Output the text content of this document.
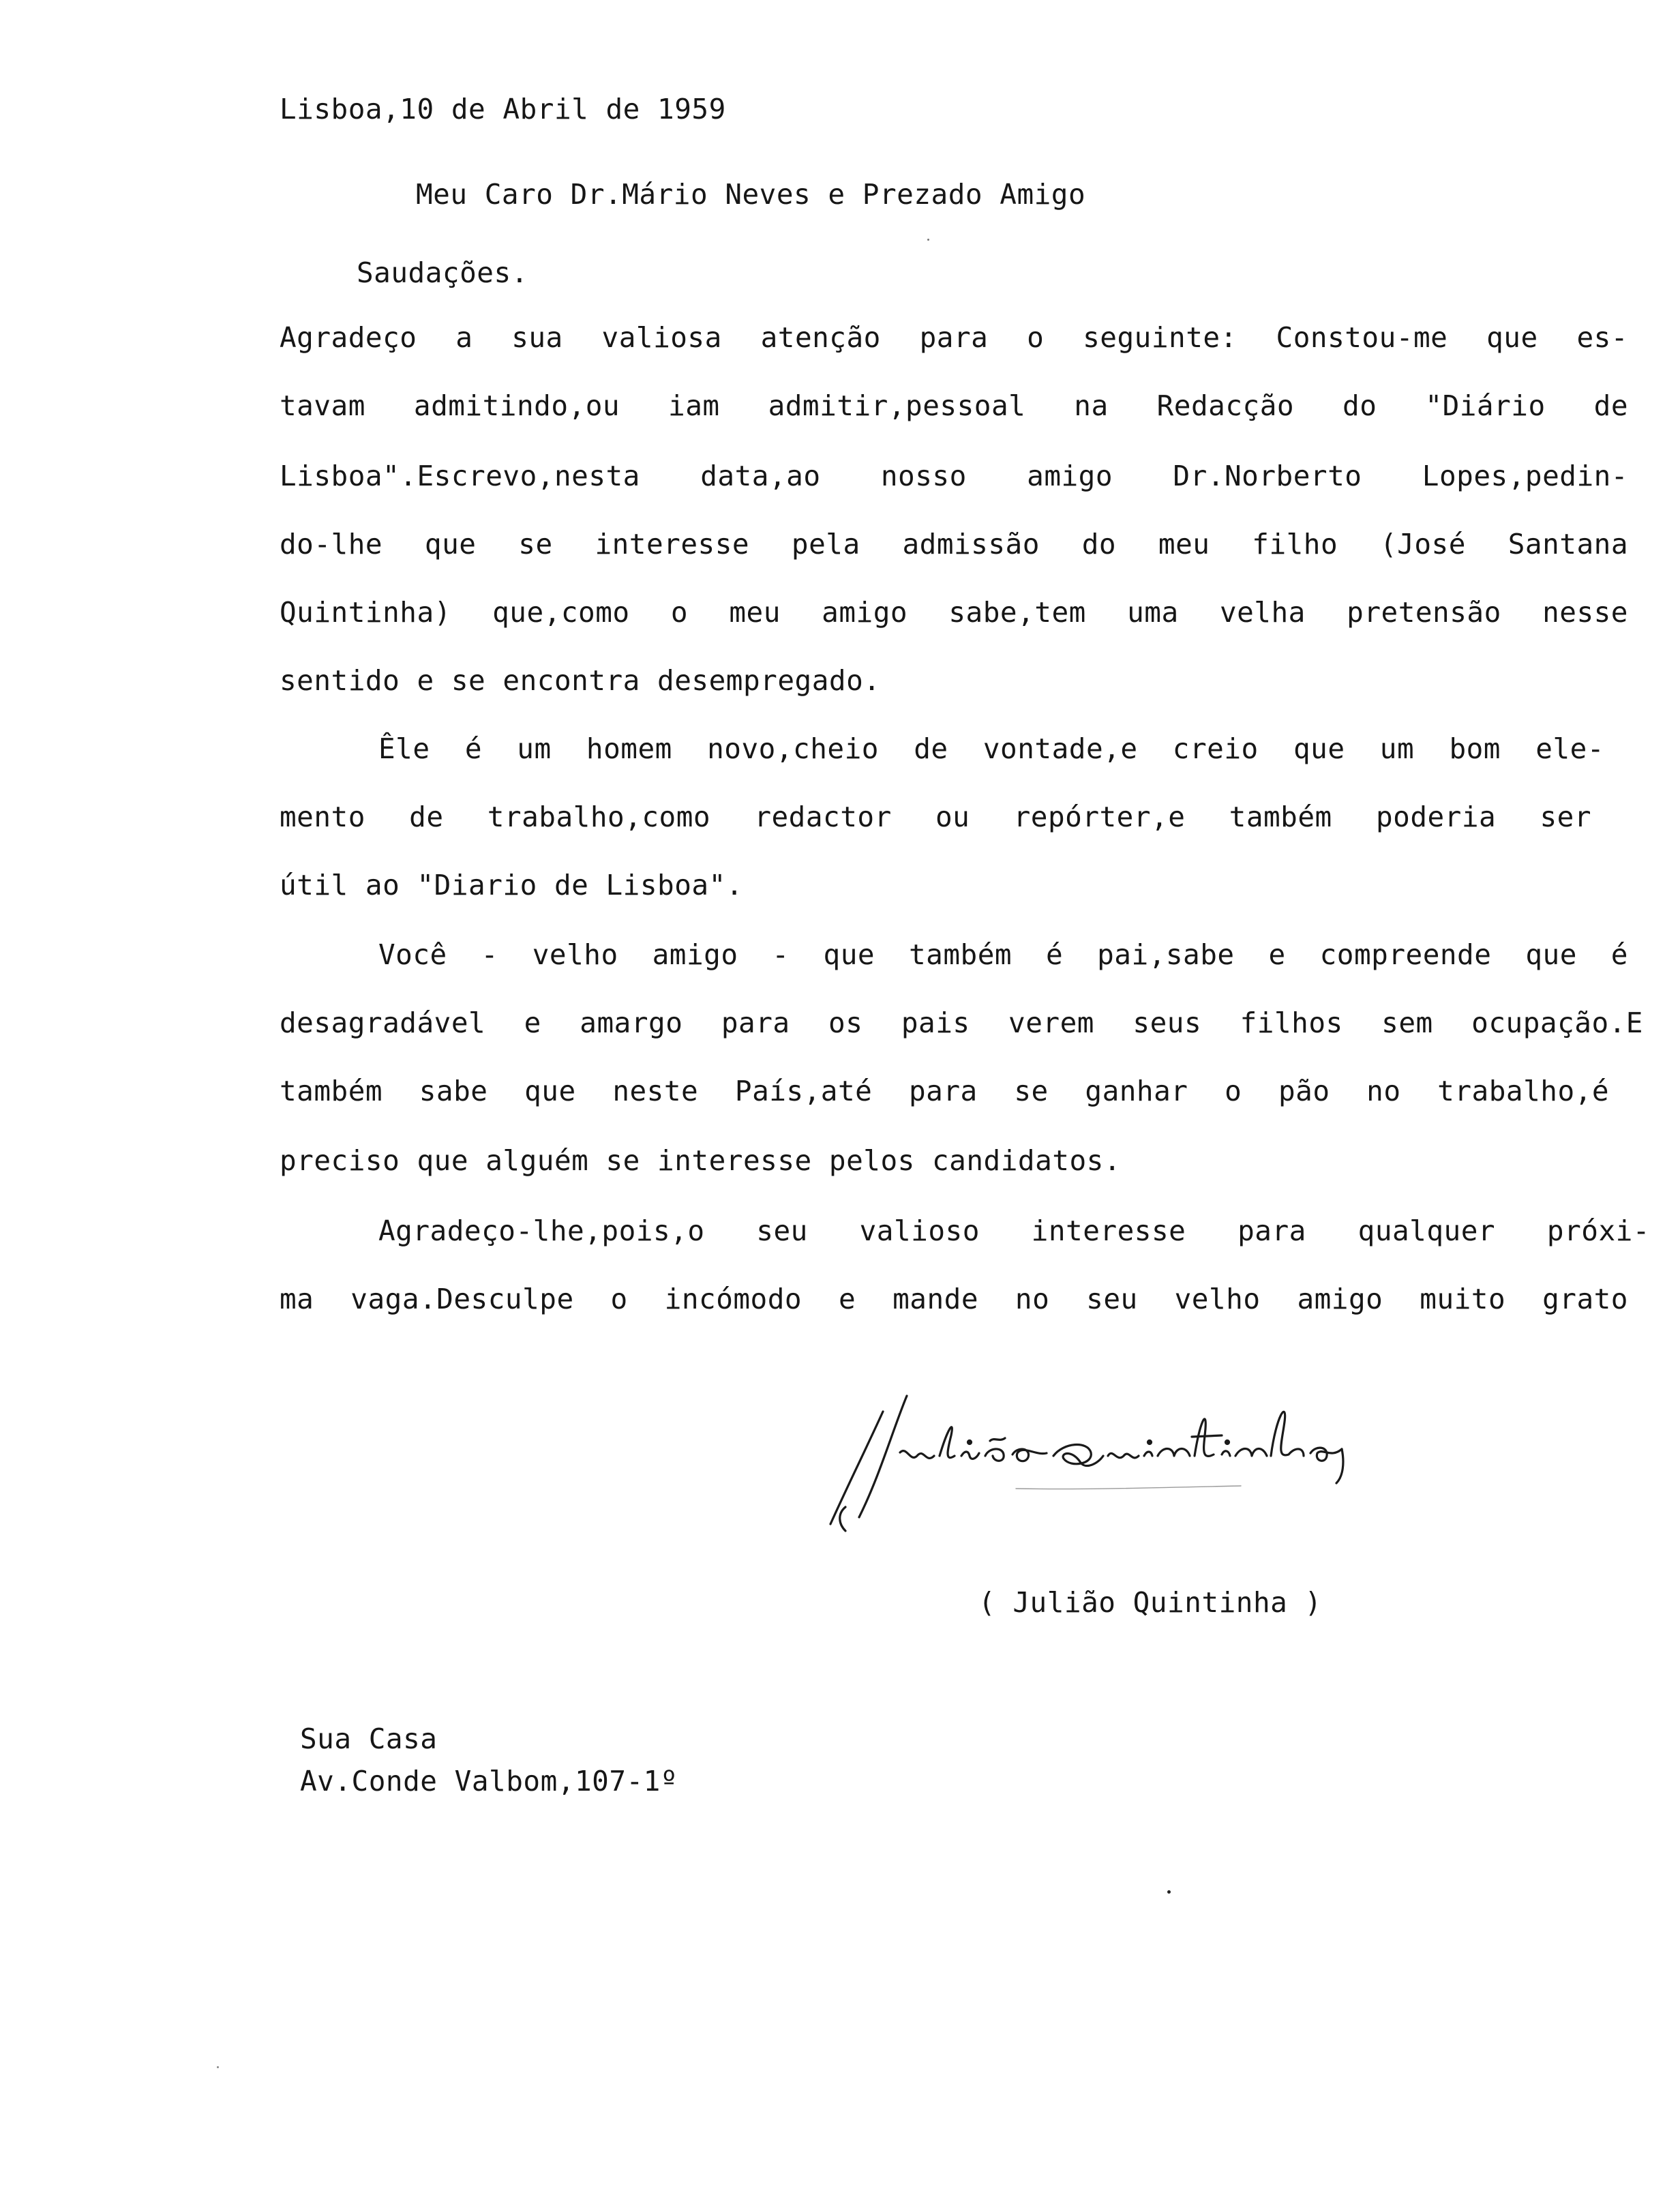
Lisboa,10 de Abril de 1959
Meu Caro Dr.Mário Neves e Prezado Amigo
Saudações.
Agradeço a sua valiosa atenção para o seguinte: Constou-me que es-
tavam admitindo,ou iam admitir,pessoal na Redacção do "Diário de
Lisboa".Escrevo,nesta data,ao nosso amigo Dr.Norberto Lopes,pedin-
do-lhe que se interesse pela admissão do meu filho (José Santana
Quintinha) que,como o meu amigo sabe,tem uma velha pretensão nesse
sentido e se encontra desempregado.
Êle é um homem novo,cheio de vontade,e creio que um bom ele-
mento de trabalho,como redactor ou repórter,e também poderia ser
útil ao "Diario de Lisboa".
Você - velho amigo - que também é pai,sabe e compreende que é
desagradável e amargo para os pais verem seus filhos sem ocupação.E
também sabe que neste País,até para se ganhar o pão no trabalho,é
preciso que alguém se interesse pelos candidatos.
Agradeço-lhe,pois,o seu valioso interesse para qualquer próxi-
ma vaga.Desculpe o incómodo e mande no seu velho amigo muito grato
( Julião Quintinha )
Sua Casa
Av.Conde Valbom,107-1º
